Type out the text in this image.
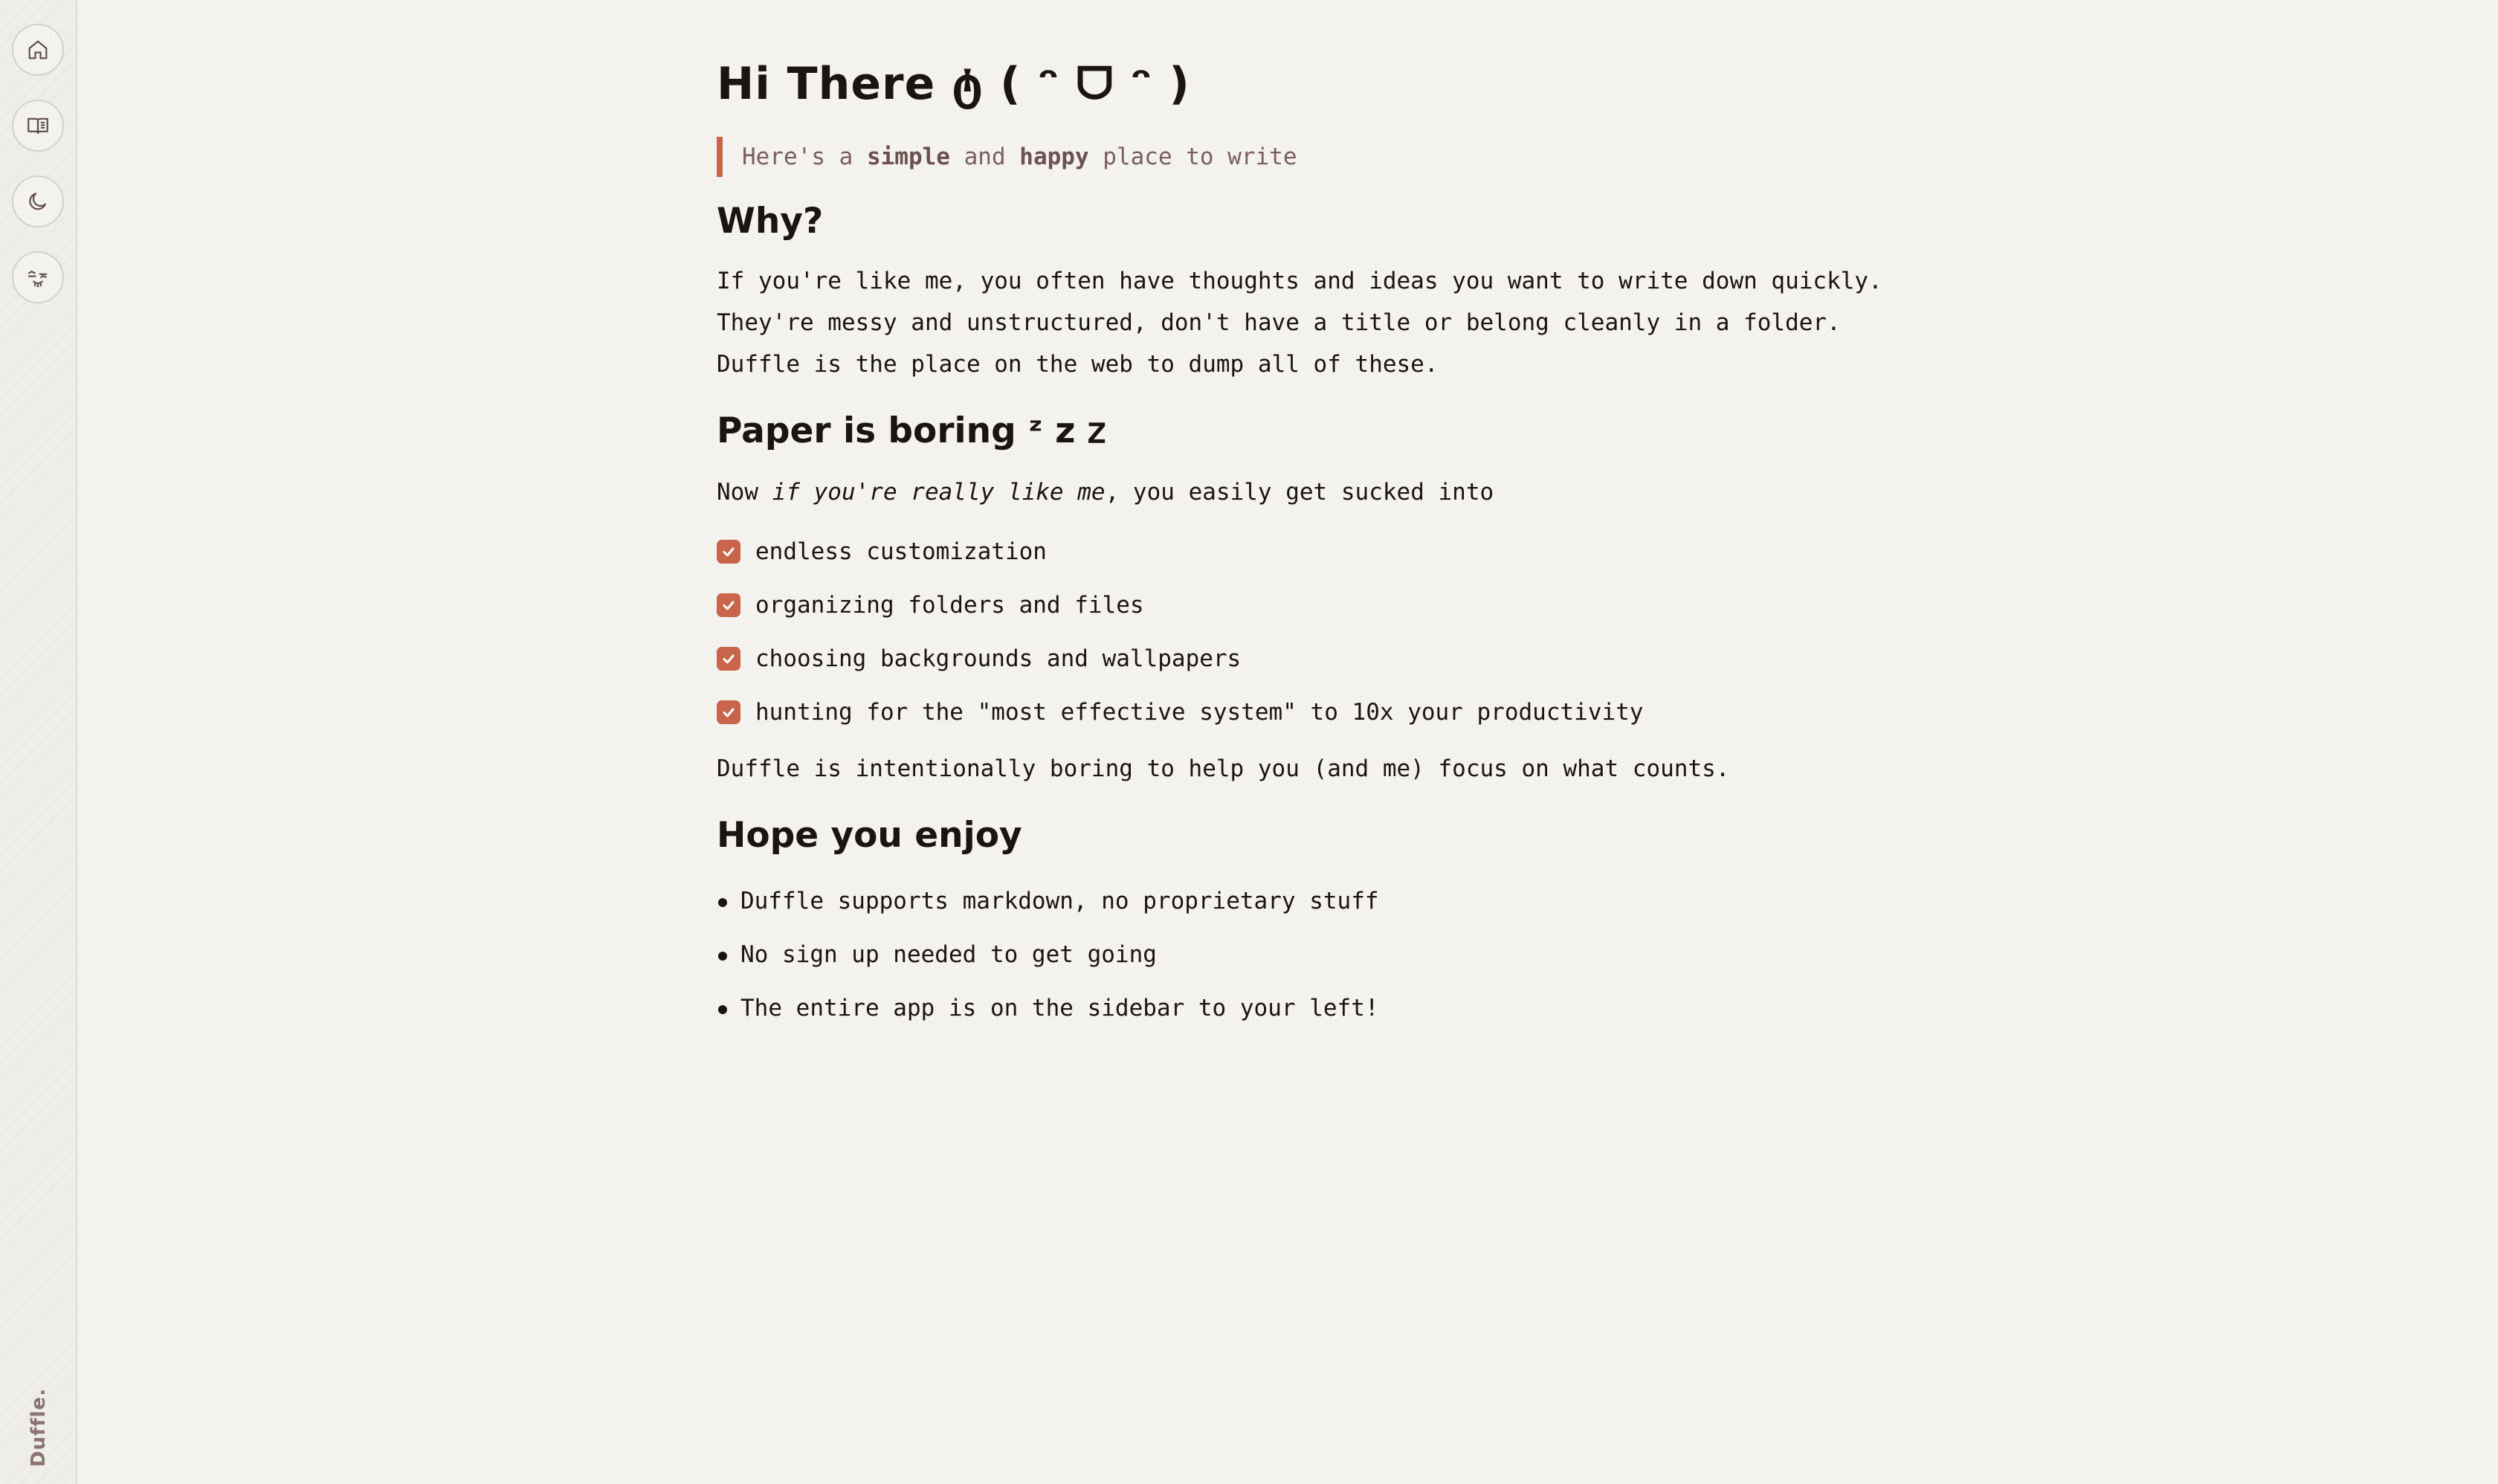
Duffle.
Hi There ტ ( ᵔ ᗜ ᵔ )
Here's a simple and happy place to write
Why?

If you're like me, you often have thoughts and ideas you want to write down quickly.
They're messy and unstructured, don't have a title or belong cleanly in a folder.
Duffle is the place on the web to dump all of these.

Paper is boring ᶻ z 𝗓

Now if you're really like me, you easily get sucked into

endless customization
organizing folders and files
choosing backgrounds and wallpapers
hunting for the "most effective system" to 10x your productivity

Duffle is intentionally boring to help you (and me) focus on what counts.

Hope you enjoy
Duffle supports markdown, no proprietary stuff
No sign up needed to get going
The entire app is on the sidebar to your left!
